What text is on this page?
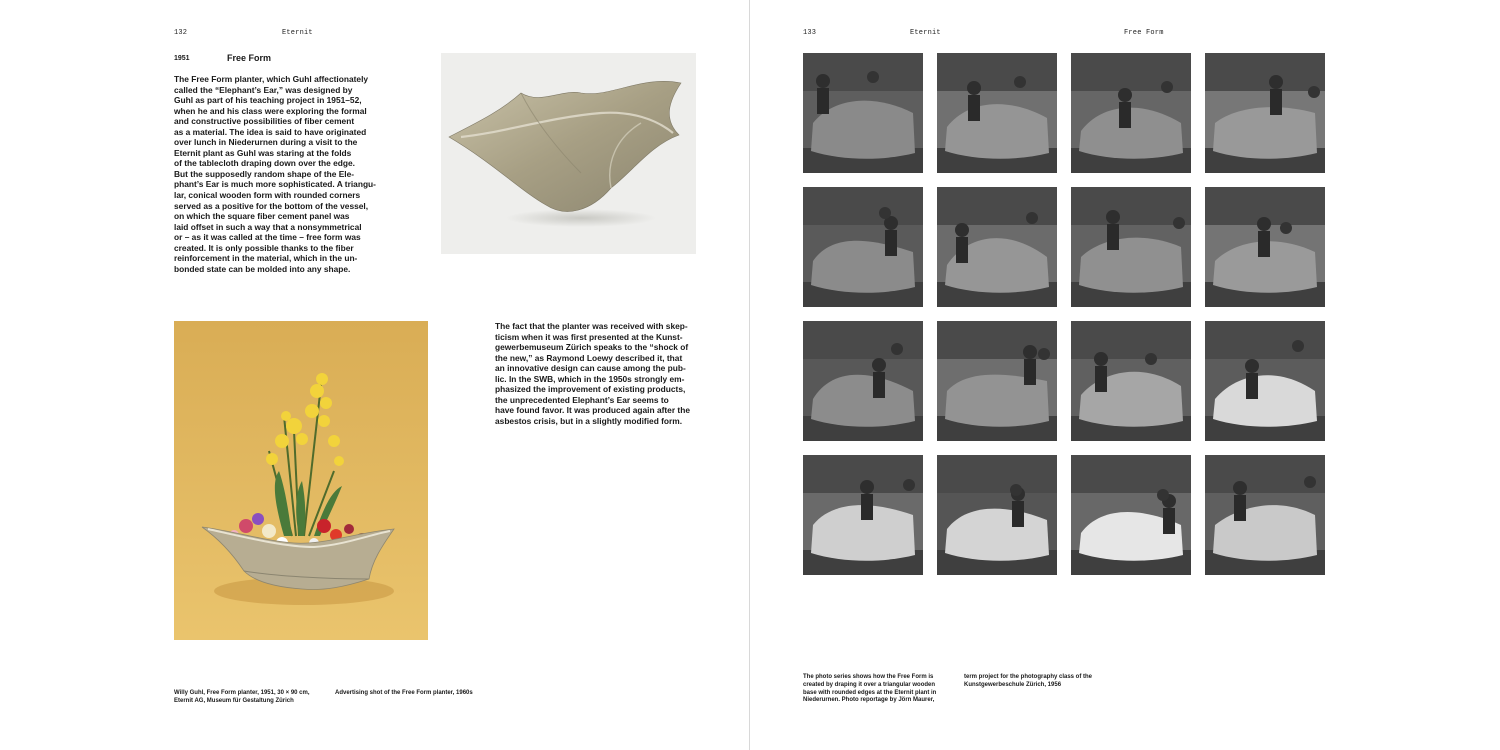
132	Eternit
1951	Free Form
The Free Form planter, which Guhl affectionately
called the “Elephant’s Ear,” was designed by
Guhl as part of his teaching project in 1951–52,
when he and his class were exploring the formal
and constructive possibilities of fiber cement
as a material. The idea is said to have originated
over lunch in Niederurnen during a visit to the
Eternit plant as Guhl was staring at the folds
of the tablecloth draping down over the edge.
But the supposedly random shape of the Ele-
phant’s Ear is much more sophisticated. A triangu-
lar, conical wooden form with rounded corners
served as a positive for the bottom of the vessel,
on which the square fiber cement panel was
laid offset in such a way that a nonsymmetrical
or – as it was called at the time – free form was
created. It is only possible thanks to the fiber
reinforcement in the material, which in the un-
bonded state can be molded into any shape.
The fact that the planter was received with skep-
ticism when it was first presented at the Kunst-
gewerbemuseum Zürich speaks to the “shock of
the new,” as Raymond Loewy described it, that
an innovative design can cause among the pub-
lic. In the SWB, which in the 1950s strongly em-
phasized the improvement of existing products,
the unprecedented Elephant’s Ear seems to
have found favor. It was produced again after the
asbestos crisis, but in a slightly modified form.
Willy Guhl, Free Form planter, 1951, 30 × 90 cm,
Eternit AG, Museum für Gestaltung Zürich
Advertising shot of the Free Form planter, 1960s
133	Eternit	Free Form
The photo series shows how the Free Form is
created by draping it over a triangular wooden
base with rounded edges at the Eternit plant in
Niederurnen. Photo reportage by Jörn Maurer,
term project for the photography class of the
Kunstgewerbeschule Zürich, 1956
